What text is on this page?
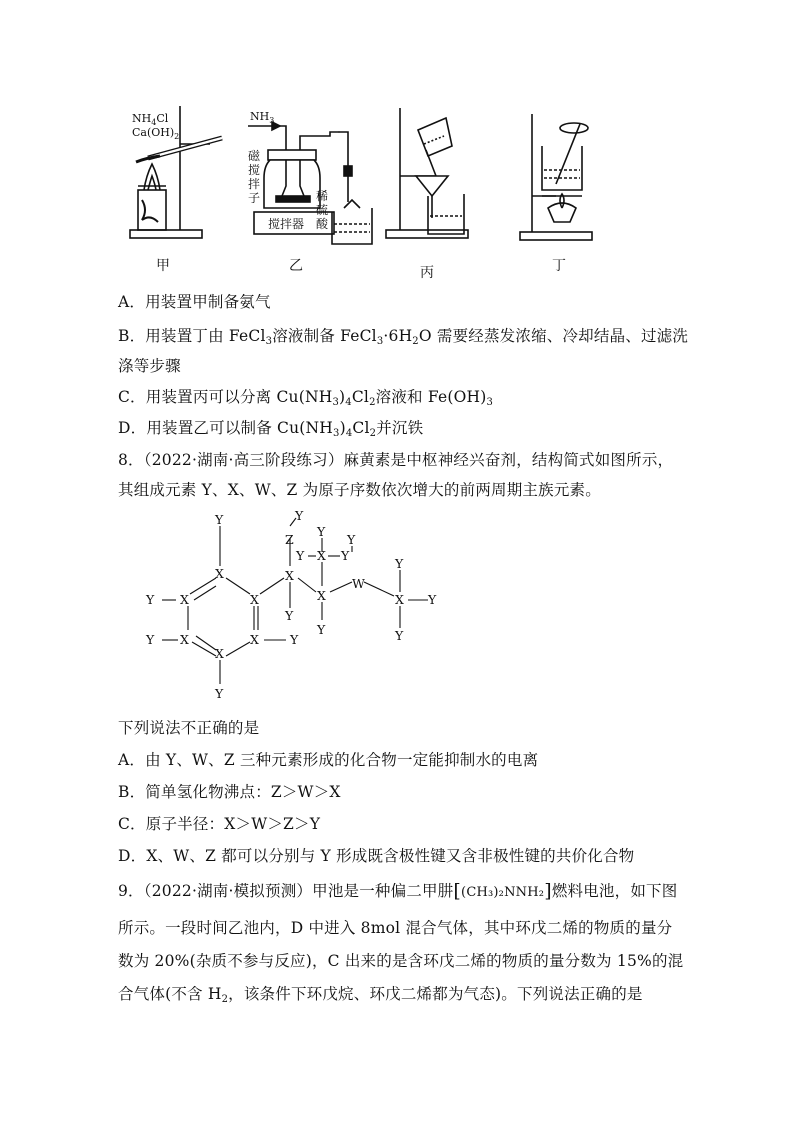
$NH_4Cl$
$Ca(OH)_2$
$NH_3$
磁
搅
拌
子	稀
硫
酸
搅拌器
甲	乙	丙	丁
A．用装置甲制备氨气
B．用装置丁由 FeCl$_3$溶液制备 $FeCl_3\cdot 6H_2O$ 需要经蒸发浓缩、冷却结晶、过滤洗
涤等步骤
C．用装置丙可以分离 $Cu(NH_3)_4Cl_2$溶液和 $Fe(OH)_3$
D．用装置乙可以制备 $Cu(NH_3)_4Cl_2$并沉铁
8．（2022·湖南·高三阶段练习）麻黄素是中枢神经兴奋剂，结构简式如图所示，
其组成元素 Y、X、W、Z 为原子序数依次增大的前两周期主族元素。
Y
X
X
X
X
X
X
Y
Y
Y
Y
X
Z
Y
Y
Y
Y X Y
Y
X
Y
W
Y
X Y
Y
下列说法不正确的是
A．由 Y、W、Z 三种元素形成的化合物一定能抑制水的电离
B．简单氢化物沸点：Z＞W＞X
C．原子半径：X＞W＞Z＞Y
D．X、W、Z 都可以分别与 Y 形成既含极性键又含非极性键的共价化合物
9．（2022·湖南·模拟预测）甲池是一种偏二甲肼[(CH₃)₂NNH₂]燃料电池，如下图
所示。一段时间乙池内，D 中进入 8mol 混合气体，其中环戊二烯的物质的量分
数为 20%(杂质不参与反应)，C 出来的是含环戊二烯的物质的量分数为 15%的混
合气体(不含 $H_2$，该条件下环戊烷、环戊二烯都为气态)。下列说法正确的是
